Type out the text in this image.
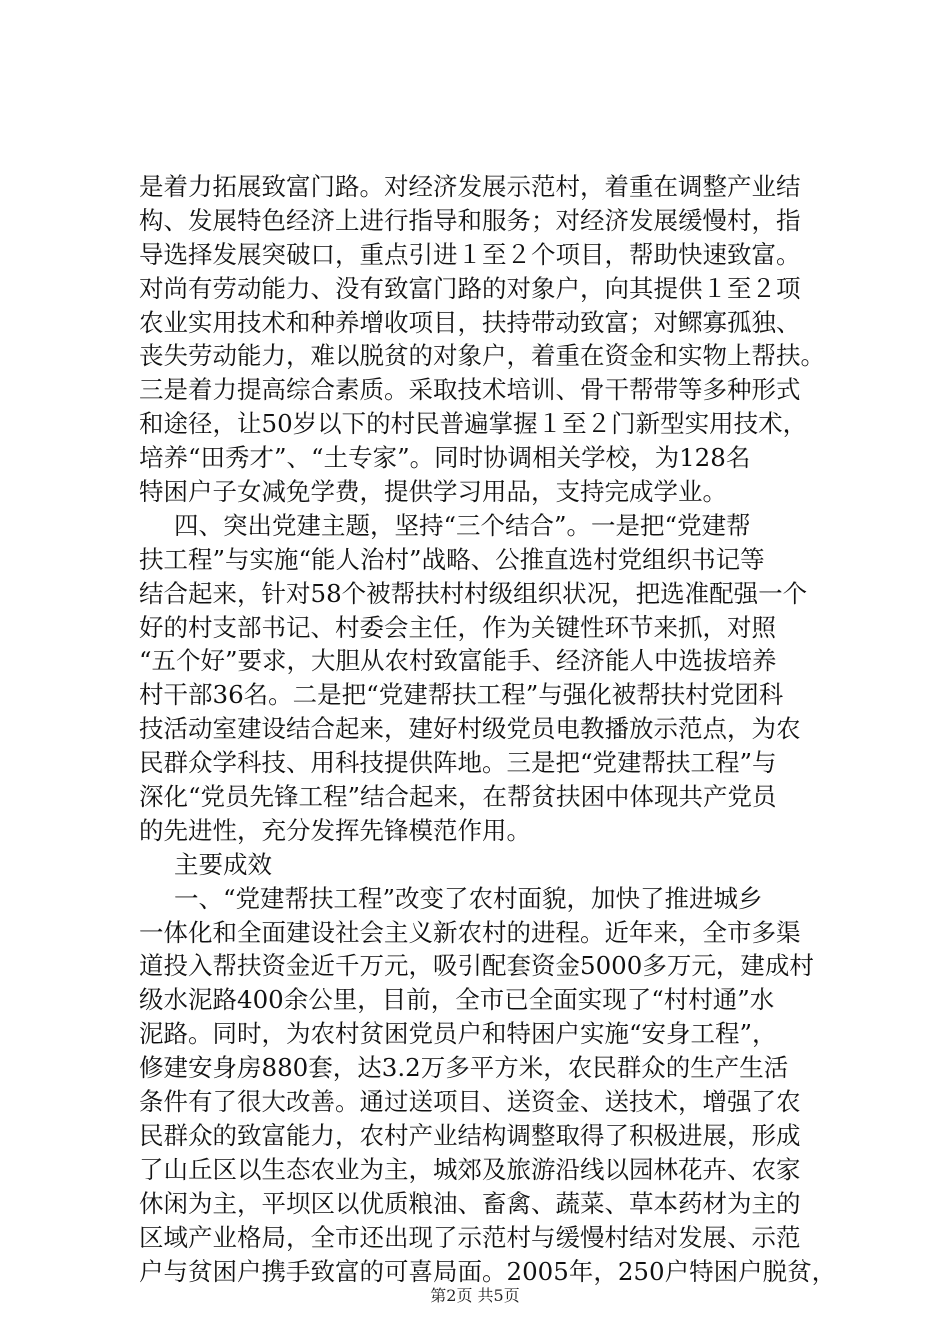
是着力拓展致富门路。对经济发展示范村，着重在调整产业结
构、发展特色经济上进行指导和服务；对经济发展缓慢村，指
导选择发展突破口，重点引进１至２个项目，帮助快速致富。
对尚有劳动能力、没有致富门路的对象户，向其提供１至２项
农业实用技术和种养增收项目，扶持带动致富；对鳏寡孤独、
丧失劳动能力，难以脱贫的对象户，着重在资金和实物上帮扶。
三是着力提高综合素质。采取技术培训、骨干帮带等多种形式
和途径，让50岁以下的村民普遍掌握１至２门新型实用技术，
培养“田秀才”、“土专家”。同时协调相关学校，为128名
特困户子女减免学费，提供学习用品，支持完成学业。
四、突出党建主题，坚持“三个结合”。一是把“党建帮
扶工程”与实施“能人治村”战略、公推直选村党组织书记等
结合起来，针对58个被帮扶村村级组织状况，把选准配强一个
好的村支部书记、村委会主任，作为关键性环节来抓，对照
“五个好”要求，大胆从农村致富能手、经济能人中选拔培养
村干部36名。二是把“党建帮扶工程”与强化被帮扶村党团科
技活动室建设结合起来，建好村级党员电教播放示范点，为农
民群众学科技、用科技提供阵地。三是把“党建帮扶工程”与
深化“党员先锋工程”结合起来，在帮贫扶困中体现共产党员
的先进性，充分发挥先锋模范作用。
主要成效
一、“党建帮扶工程”改变了农村面貌，加快了推进城乡
一体化和全面建设社会主义新农村的进程。近年来，全市多渠
道投入帮扶资金近千万元，吸引配套资金5000多万元，建成村
级水泥路400余公里，目前，全市已全面实现了“村村通”水
泥路。同时，为农村贫困党员户和特困户实施“安身工程”，
修建安身房880套，达3.2万多平方米，农民群众的生产生活
条件有了很大改善。通过送项目、送资金、送技术，增强了农
民群众的致富能力，农村产业结构调整取得了积极进展，形成
了山丘区以生态农业为主，城郊及旅游沿线以园林花卉、农家
休闲为主，平坝区以优质粮油、畜禽、蔬菜、草本药材为主的
区域产业格局，全市还出现了示范村与缓慢村结对发展、示范
户与贫困户携手致富的可喜局面。2005年，250户特困户脱贫，
第2页 共5页
